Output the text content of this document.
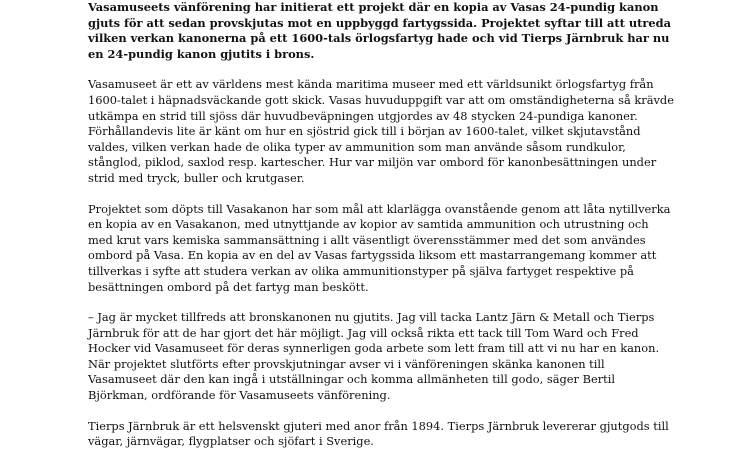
Vasamuseets vänförening har initierat ett projekt där en kopia av Vasas 24-pundig kanon gjuts för att sedan provskjutas mot en uppbyggd fartygssida. Projektet syftar till att utreda vilken verkan kanonerna på ett 1600-tals örlogsfartyg hade och vid Tierps Järnbruk har nu en 24-pundig kanon gjutits i brons.

Vasamuseet är ett av världens mest kända maritima museer med ett världsunikt örlogsfartyg från 1600-talet i häpnadsväckande gott skick. Vasas huvuduppgift var att om omständigheterna så krävde utkämpa en strid till sjöss där huvudbeväpningen utgjordes av 48 stycken 24-pundiga kanoner. Förhållandevis lite är känt om hur en sjöstrid gick till i början av 1600-talet, vilket skjutavstånd valdes, vilken verkan hade de olika typer av ammunition som man använde såsom rundkulor, stånglod, piklod, saxlod resp. kartescher. Hur var miljön var ombord för kanonbesättningen under strid med tryck, buller och krutgaser.

Projektet som döpts till Vasakanon har som mål att klarlägga ovanstående genom att låta nytillverka en kopia av en Vasakanon, med utnyttjande av kopior av samtida ammunition och utrustning och med krut vars kemiska sammansättning i allt väsentligt överensstämmer med det som användes ombord på Vasa. En kopia av en del av Vasas fartygssida liksom ett mastarrangemang kommer att tillverkas i syfte att studera verkan av olika ammunitionstyper på själva fartyget respektive på besättningen ombord på det fartyg man beskött.

– Jag är mycket tillfreds att bronskanonen nu gjutits. Jag vill tacka Lantz Järn & Metall och Tierps Järnbruk för att de har gjort det här möjligt. Jag vill också rikta ett tack till Tom Ward och Fred Hocker vid Vasamuseet för deras synnerligen goda arbete som lett fram till att vi nu har en kanon. När projektet slutförts efter provskjutningar avser vi i vänföreningen skänka kanonen till Vasamuseet där den kan ingå i utställningar och komma allmänheten till godo, säger Bertil Björkman, ordförande för Vasamuseets vänförening.

Tierps Järnbruk är ett helsvenskt gjuteri med anor från 1894. Tierps Järnbruk levererar gjutgods till vägar, järnvägar, flygplatser och sjöfart i Sverige.
